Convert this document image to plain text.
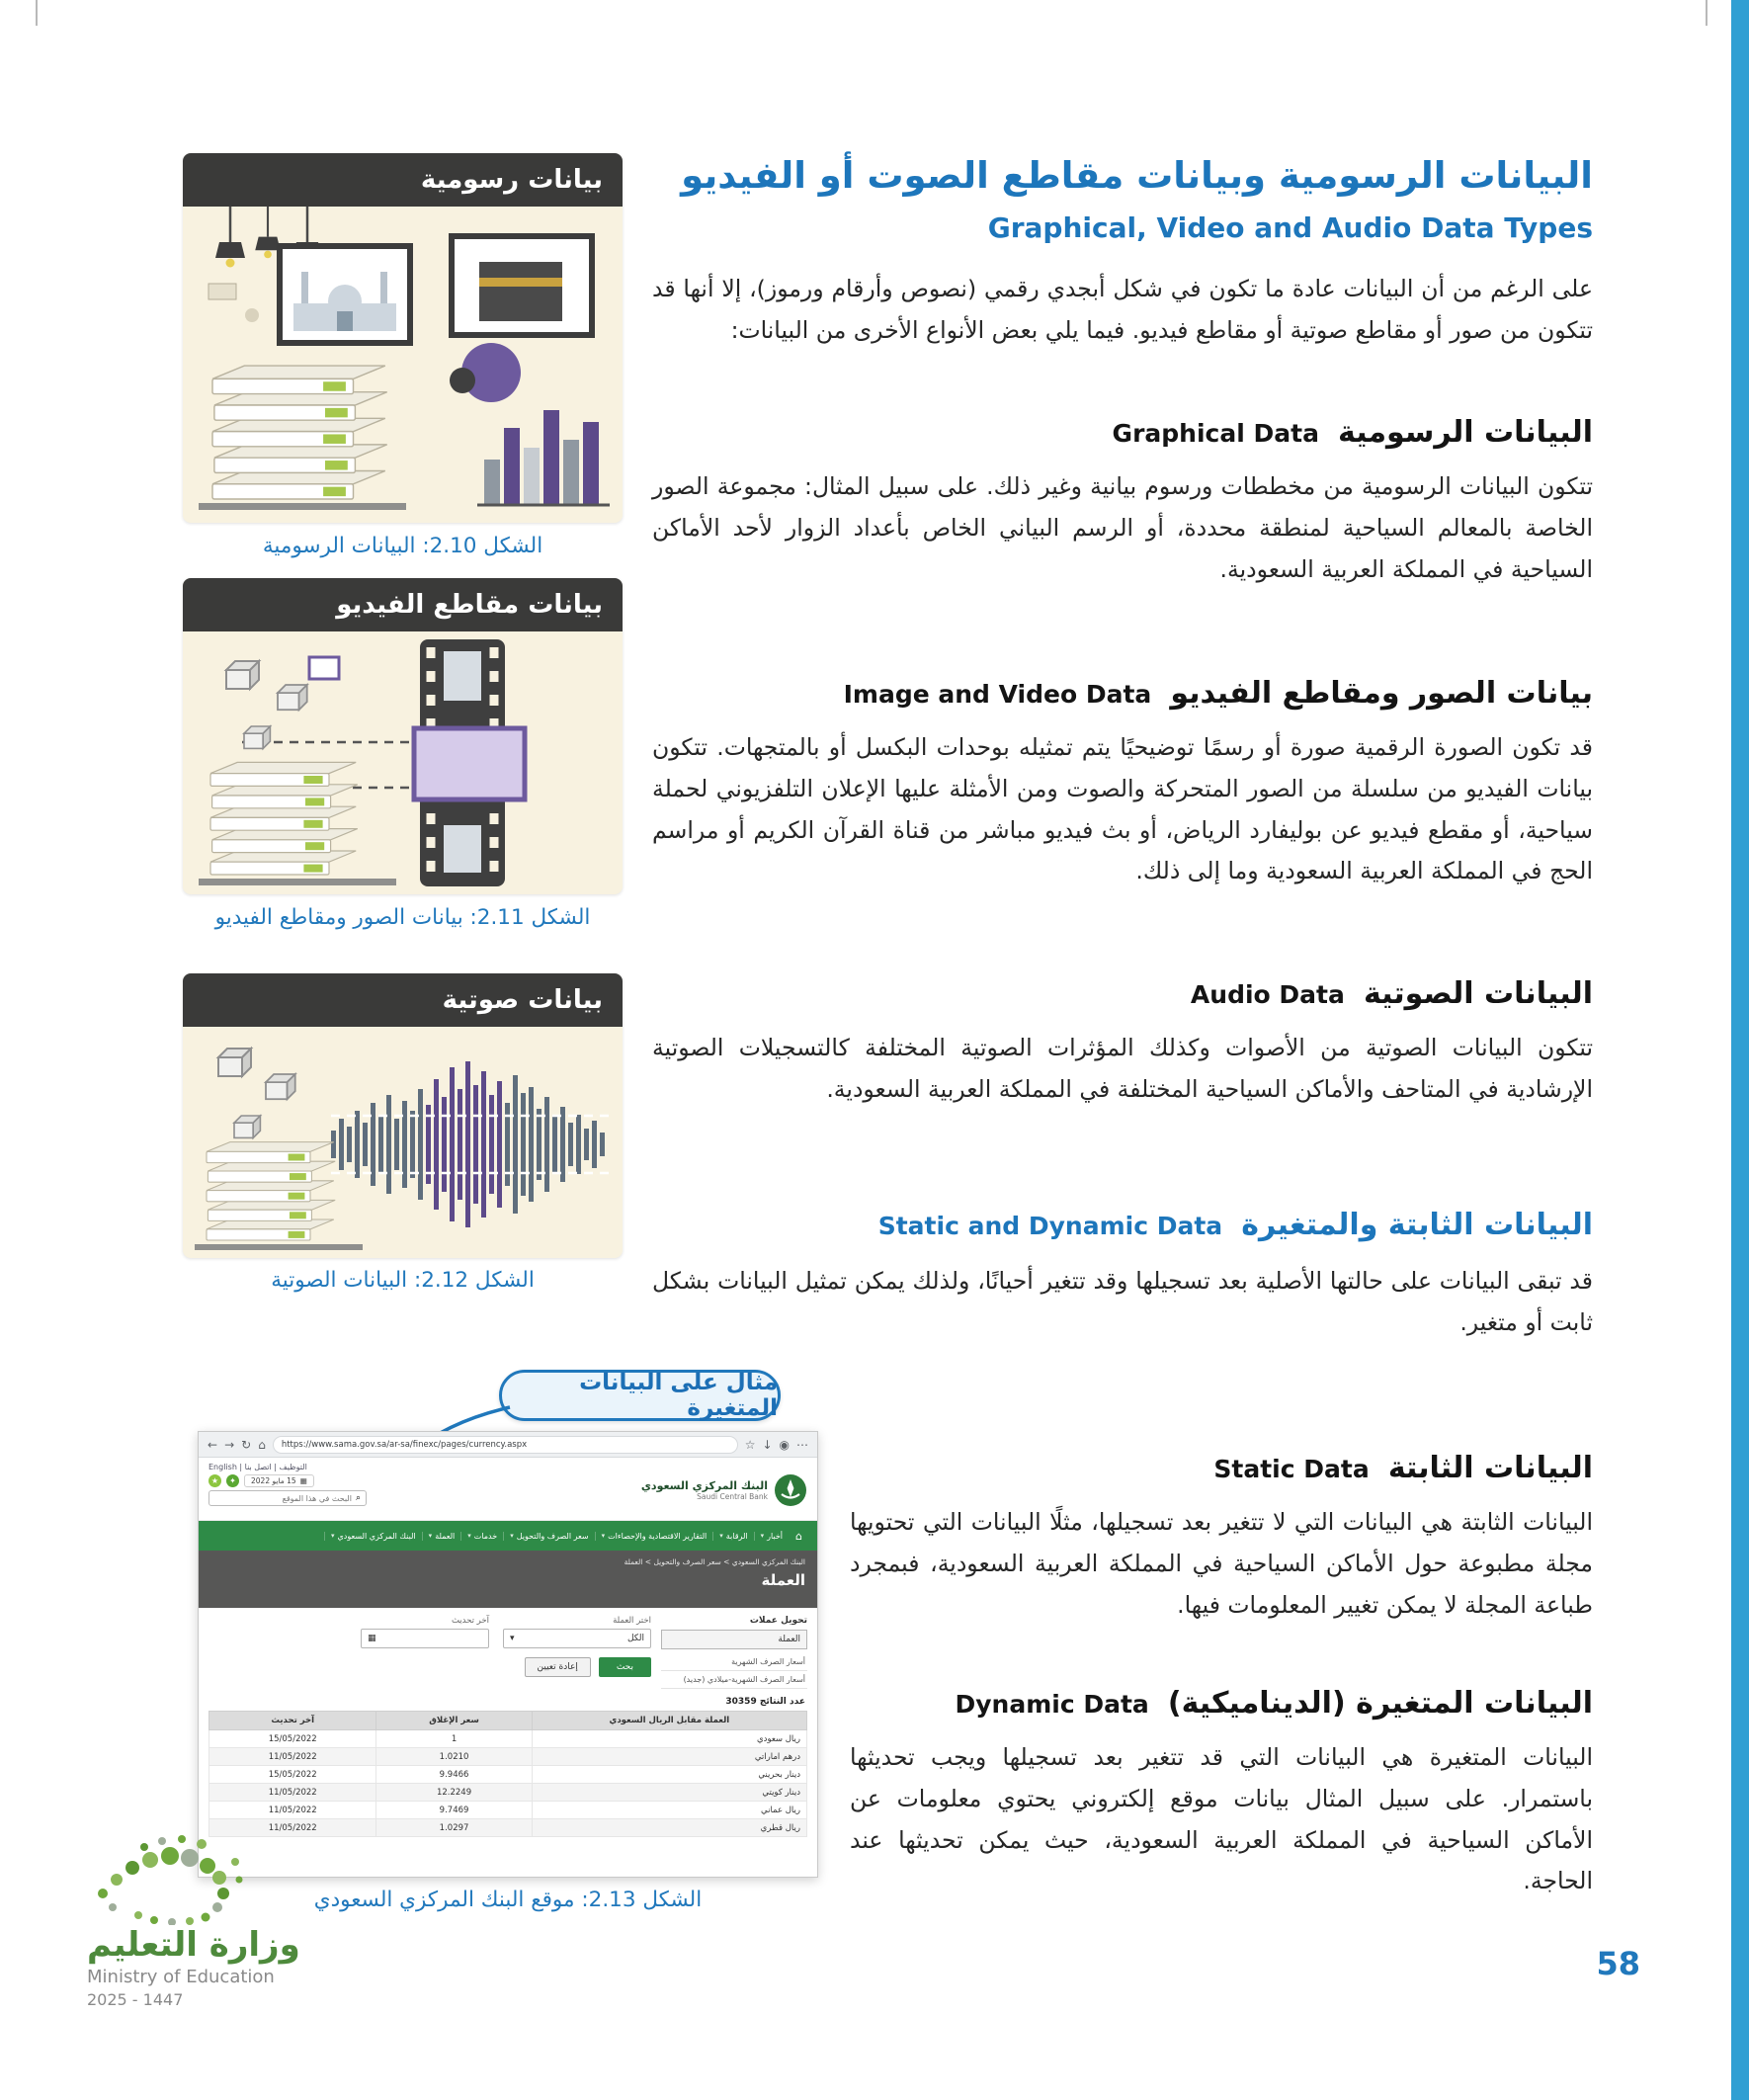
البيانات الرسومية وبيانات مقاطع الصوت أو الفيديو
Graphical, Video and Audio Data Types
على الرغم من أن البيانات عادة ما تكون في شكل أبجدي رقمي (نصوص وأرقام ورموز)، إلا أنها قد تتكون من صور أو مقاطع صوتية أو مقاطع فيديو. فيما يلي بعض الأنواع الأخرى من البيانات:
البيانات الرسومية Graphical Data
تتكون البيانات الرسومية من مخططات ورسوم بيانية وغير ذلك. على سبيل المثال: مجموعة الصور الخاصة بالمعالم السياحية لمنطقة محددة، أو الرسم البياني الخاص بأعداد الزوار لأحد الأماكن السياحية في المملكة العربية السعودية.
بيانات الصور ومقاطع الفيديو Image and Video Data
قد تكون الصورة الرقمية صورة أو رسمًا توضيحيًا يتم تمثيله بوحدات البكسل أو بالمتجهات. تتكون بيانات الفيديو من سلسلة من الصور المتحركة والصوت ومن الأمثلة عليها الإعلان التلفزيوني لحملة سياحية، أو مقطع فيديو عن بوليفارد الرياض، أو بث فيديو مباشر من قناة القرآن الكريم أو مراسم الحج في المملكة العربية السعودية وما إلى ذلك.
البيانات الصوتية Audio Data
تتكون البيانات الصوتية من الأصوات وكذلك المؤثرات الصوتية المختلفة كالتسجيلات الصوتية الإرشادية في المتاحف والأماكن السياحية المختلفة في المملكة العربية السعودية.
البيانات الثابتة والمتغيرة Static and Dynamic Data
قد تبقى البيانات على حالتها الأصلية بعد تسجيلها وقد تتغير أحيانًا، ولذلك يمكن تمثيل البيانات بشكل ثابت أو متغير.
البيانات الثابتة Static Data
البيانات الثابتة هي البيانات التي لا تتغير بعد تسجيلها، مثلًا البيانات التي تحتويها مجلة مطبوعة حول الأماكن السياحية في المملكة العربية السعودية، فبمجرد طباعة المجلة لا يمكن تغيير المعلومات فيها.
البيانات المتغيرة (الديناميكية) Dynamic Data
البيانات المتغيرة هي البيانات التي قد تتغير بعد تسجيلها ويجب تحديثها باستمرار. على سبيل المثال بيانات موقع إلكتروني يحتوي معلومات عن الأماكن السياحية في المملكة العربية السعودية، حيث يمكن تحديثها عند الحاجة.
بيانات رسومية
الشكل 2.10: البيانات الرسومية
بيانات مقاطع الفيديو
الشكل 2.11: بيانات الصور ومقاطع الفيديو
بيانات صوتية
الشكل 2.12: البيانات الصوتية
مثال على البيانات المتغيرة
← → ↻ ⌂ https://www.sama.gov.sa/ar-sa/finexc/pages/currency.aspx	☆ ↓ ◉ ⋯
البنك المركزي السعودي
Saudi Central Bank
English | التوظيف | اتصل بنا
★	✦	▦
15 مايو 2022
⌕
البحث في هذا الموقع
⌂
أخبار
▾
الرقابة
▾
التقارير الاقتصادية والإحصاءات
▾
سعر الصرف والتحويل
▾
خدمات
▾
العملة
▾
البنك المركزي السعودي
▾
البنك المركزي السعودي > سعر الصرف والتحويل > العملة
العملة
تحويل عملات
العملة
أسعار الصرف الشهرية
أسعار الصرف الشهرية-ميلادي (جديد)
اختر العملة
الكل
▾
آخر تحديث

▦
بحث
إعادة تعيين
عدد النتائج 30359
العملة مقابل الريال السعودي	سعر الإغلاق	آخر تحديث
ريال سعودي	1	15/05/2022
درهم اماراتي	1.0210	11/05/2022
دينار بحريني	9.9466	15/05/2022
دينار كويتي	12.2249	11/05/2022
ريال عماني	9.7469	11/05/2022
ريال قطري	1.0297	11/05/2022
الشكل 2.13: موقع البنك المركزي السعودي
وزارة التعليم
Ministry of Education
2025 - 1447
58
